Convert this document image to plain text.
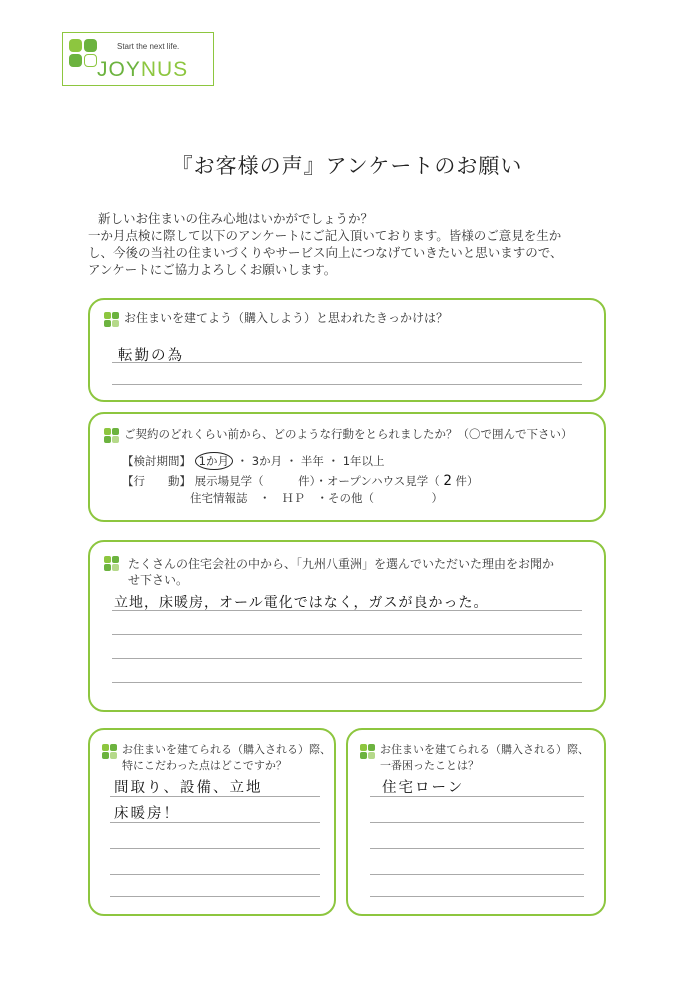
Start the next life.
JOYNUS
『お客様の声』アンケートのお願い

新しいお住まいの住み心地はいかがでしょうか？

一か月点検に際して以下のアンケートにご記入頂いております。皆様のご意見を生か

し、今後の当社の住まいづくりやサービス向上につなげていきたいと思いますので、

アンケートにご協力よろしくお願いします。

お住まいを建てよう（購入しよう）と思われたきっかけは？
転勤の為
ご契約のどれくらい前から、どのような行動をとられましたか？（〇で囲んで下さい）
【検討期間】 1か月 ・ 3か月 ・ 半年 ・ 1年以上
【行　　動】 展示場見学（　　　件）・オープンハウス見学（ 2 件）
住宅情報誌　・　ＨＰ　・その他（　　　　　）
たくさんの住宅会社の中から、「九州八重洲」を選んでいただいた理由をお聞か
せ下さい。
立地，床暖房，オール電化ではなく，ガスが良かった。
お住まいを建てられる（購入される）際、
特にこだわった点はどこですか？
間取り、設備、立地
床暖房！
お住まいを建てられる（購入される）際、
一番困ったことは？
住宅ローン
